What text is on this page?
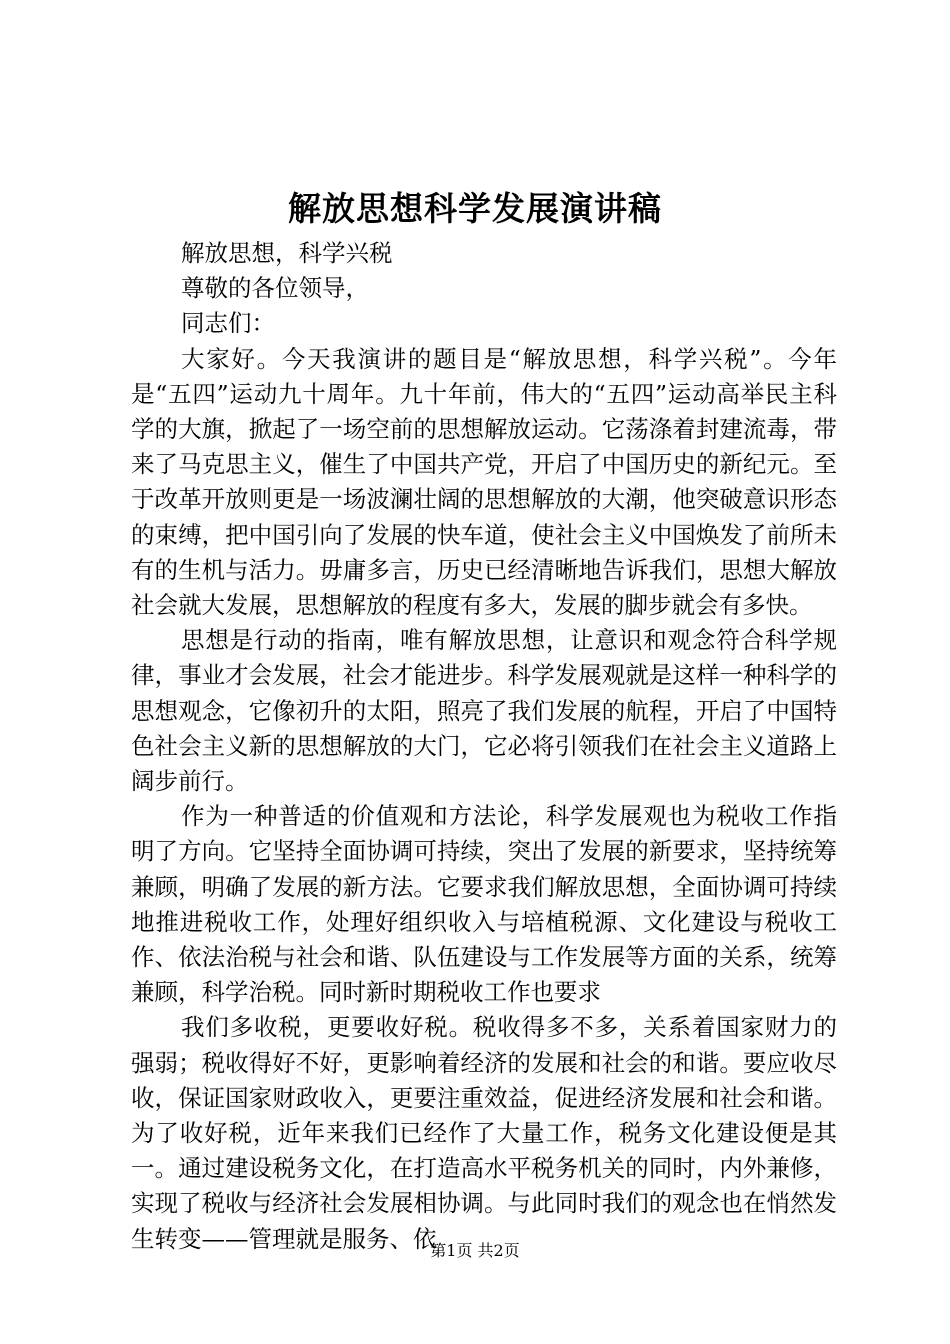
解放思想科学发展演讲稿

解放思想，科学兴税

尊敬的各位领导，

同志们：

大家好。今天我演讲的题目是“解放思想，科学兴税”。今年是“五四”运动九十周年。九十年前，伟大的“五四”运动高举民主科学的大旗，掀起了一场空前的思想解放运动。它荡涤着封建流毒，带来了马克思主义，催生了中国共产党，开启了中国历史的新纪元。至于改革开放则更是一场波澜壮阔的思想解放的大潮，他突破意识形态的束缚，把中国引向了发展的快车道，使社会主义中国焕发了前所未有的生机与活力。毋庸多言，历史已经清晰地告诉我们，思想大解放社会就大发展，思想解放的程度有多大，发展的脚步就会有多快。

思想是行动的指南，唯有解放思想，让意识和观念符合科学规律，事业才会发展，社会才能进步。科学发展观就是这样一种科学的思想观念，它像初升的太阳，照亮了我们发展的航程，开启了中国特色社会主义新的思想解放的大门，它必将引领我们在社会主义道路上阔步前行。

作为一种普适的价值观和方法论，科学发展观也为税收工作指明了方向。它坚持全面协调可持续，突出了发展的新要求，坚持统筹兼顾，明确了发展的新方法。它要求我们解放思想，全面协调可持续地推进税收工作，处理好组织收入与培植税源、文化建设与税收工作、依法治税与社会和谐、队伍建设与工作发展等方面的关系，统筹兼顾，科学治税。同时新时期税收工作也要求

我们多收税，更要收好税。税收得多不多，关系着国家财力的强弱；税收得好不好，更影响着经济的发展和社会的和谐。要应收尽收，保证国家财政收入，更要注重效益，促进经济发展和社会和谐。为了收好税，近年来我们已经作了大量工作，税务文化建设便是其一。通过建设税务文化，在打造高水平税务机关的同时，内外兼修，实现了税收与经济社会发展相协调。与此同时我们的观念也在悄然发生转变——管理就是服务、依

第1页 共2页
